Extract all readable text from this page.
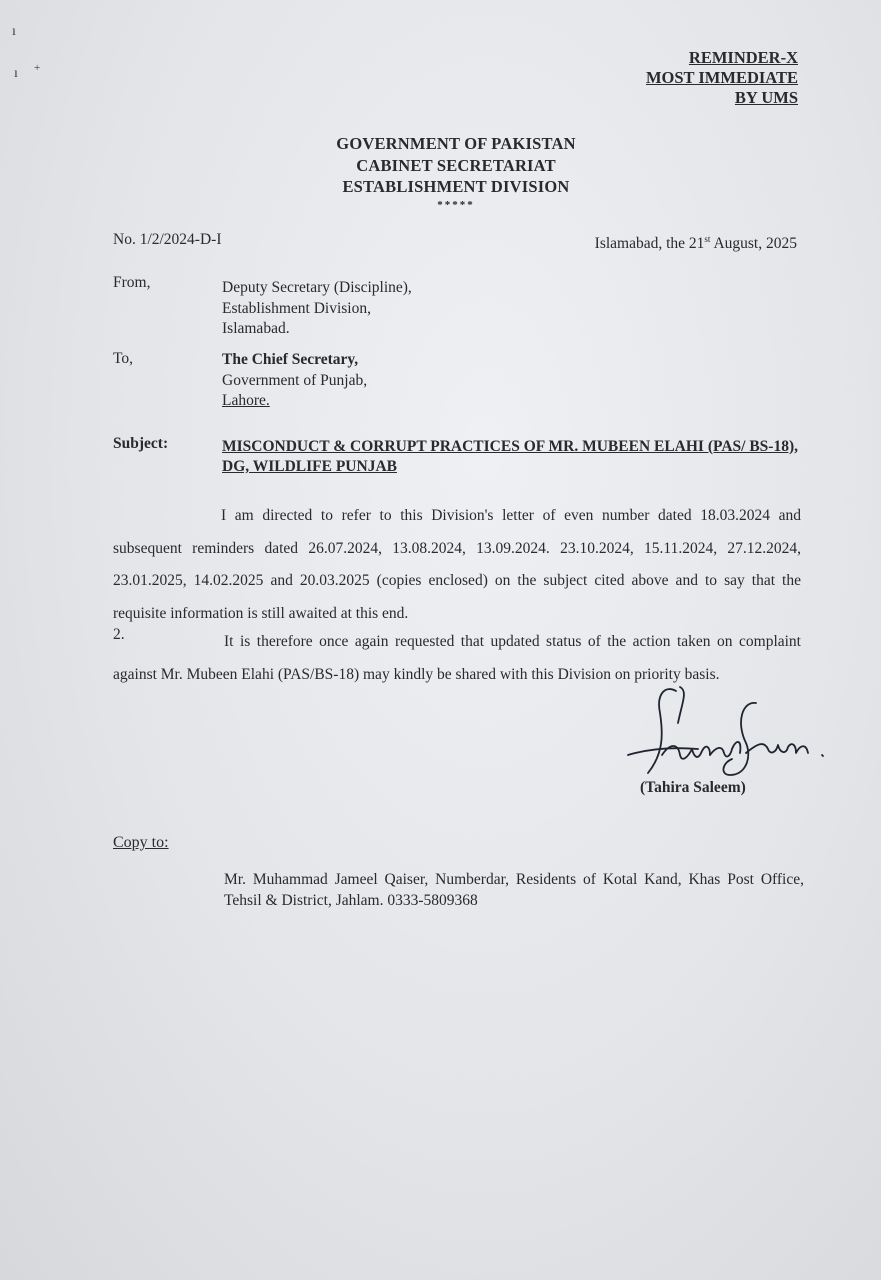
ı
ı +
REMINDER-X
MOST IMMEDIATE
BY UMS
GOVERNMENT OF PAKISTAN
CABINET SECRETARIAT
ESTABLISHMENT DIVISION
*****
No. 1/2/2024-D-I	Islamabad, the 21st August, 2025
From,	Deputy Secretary (Discipline),
Establishment Division,
Islamabad.
To,	The Chief Secretary,
Government of Punjab,
Lahore.
Subject:	MISCONDUCT & CORRUPT PRACTICES OF MR. MUBEEN ELAHI (PAS/ BS-18), DG, WILDLIFE PUNJAB
I am directed to refer to this Division's letter of even number dated 18.03.2024 and subsequent reminders dated 26.07.2024, 13.08.2024, 13.09.2024. 23.10.2024, 15.11.2024, 27.12.2024, 23.01.2025, 14.02.2025 and 20.03.2025 (copies enclosed) on the subject cited above and to say that the requisite information is still awaited at this end.
2.	It is therefore once again requested that updated status of the action taken on complaint against Mr. Mubeen Elahi (PAS/BS-18) may kindly be shared with this Division on priority basis.
(Tahira Saleem)
Copy to:
Mr. Muhammad Jameel Qaiser, Numberdar, Residents of Kotal Kand, Khas Post Office, Tehsil & District, Jahlam. 0333-5809368
